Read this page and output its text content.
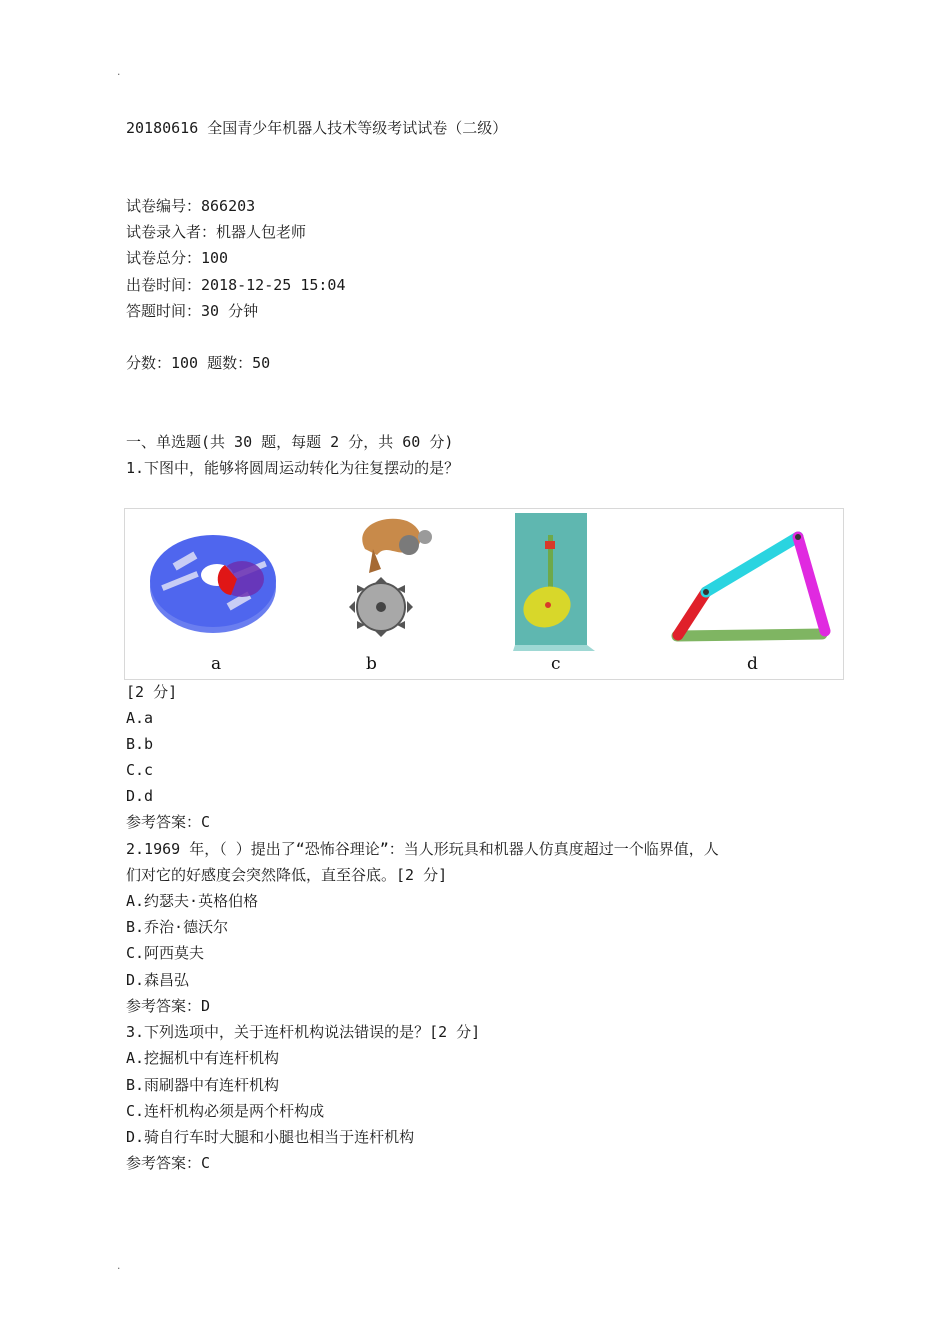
.
20180616 全国青少年机器人技术等级考试试卷（二级）
试卷编号：866203
试卷录入者：机器人包老师
试卷总分：100
出卷时间：2018-12-25 15:04
答题时间：30 分钟
分数：100 题数：50
一、单选题(共 30 题，每题 2 分，共 60 分)
1.下图中，能够将圆周运动转化为往复摆动的是？
a	b	c	d
[2 分]
A.a
B.b
C.c
D.d
参考答案：C
2.1969 年，（ ）提出了“恐怖谷理论”：当人形玩具和机器人仿真度超过一个临界值，人
们对它的好感度会突然降低，直至谷底。[2 分]
A.约瑟夫·英格伯格
B.乔治·德沃尔
C.阿西莫夫
D.森昌弘
参考答案：D
3.下列选项中，关于连杆机构说法错误的是？[2 分]
A.挖掘机中有连杆机构
B.雨刷器中有连杆机构
C.连杆机构必须是两个杆构成
D.骑自行车时大腿和小腿也相当于连杆机构
参考答案：C
.
